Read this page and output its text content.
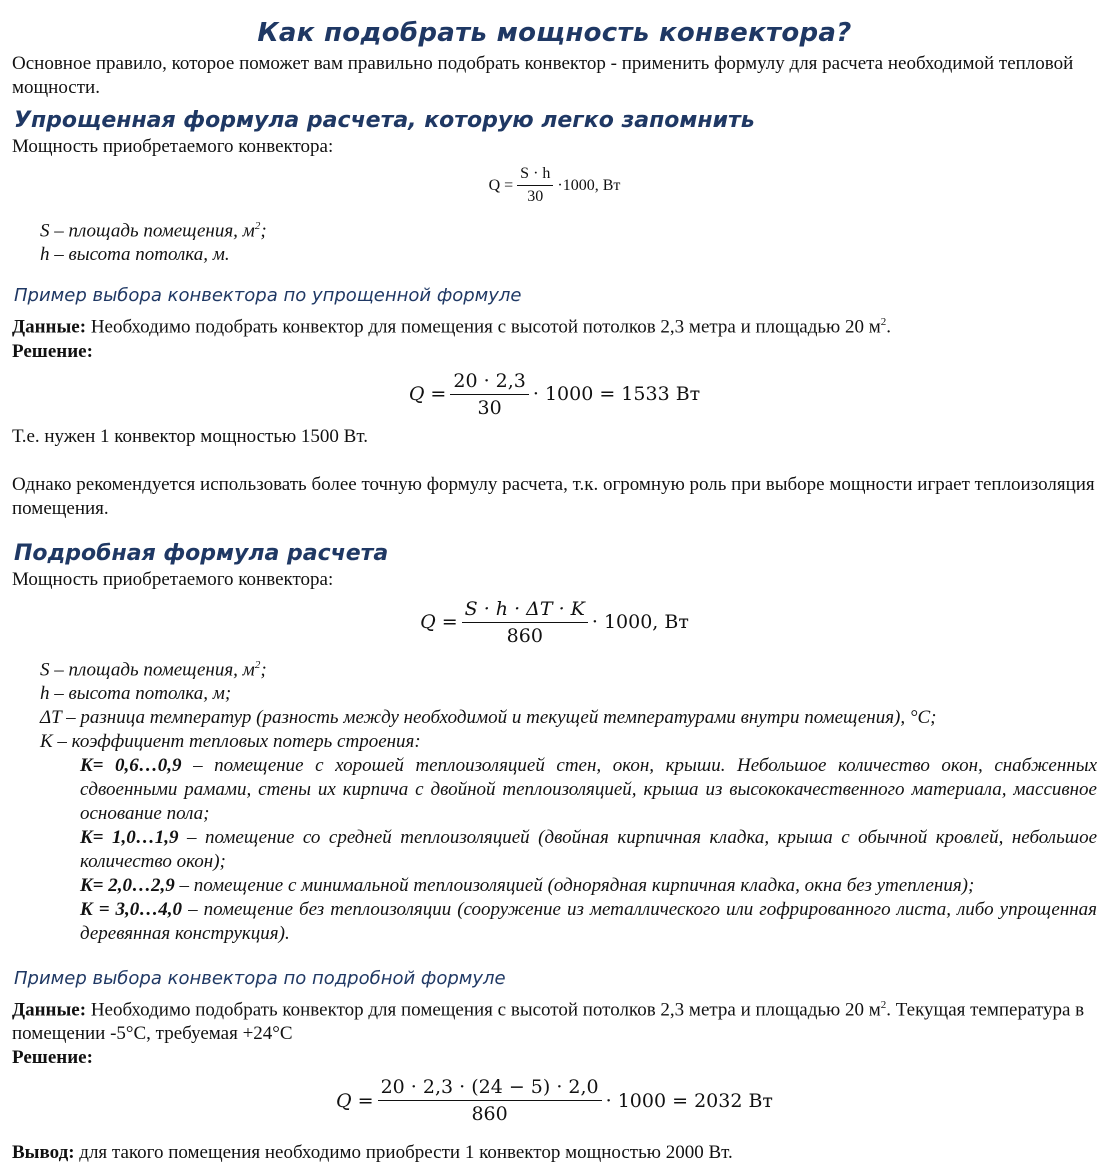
Как подобрать мощность конвектора?

Основное правило, которое поможет вам правильно подобрать конвектор - применить формулу для расчета необходимой тепловой мощности.

Упрощенная формула расчета, которую легко запомнить

Мощность приобретаемого конвектора:

$Q = \frac{S \cdot h}{30} \cdot 1000$, Вт

S – площадь помещения, $м^2$;

h – высота потолка, м.

Пример выбора конвектора по упрощенной формуле

Данные: Необходимо подобрать конвектор для помещения с высотой потолков 2,3 метра и площадью 20 $м^2$.

Решение:

$Q = \frac{20 \cdot 2,3}{30} \cdot 1000 = 1533$ Вт

Т.е. нужен 1 конвектор мощностью 1500 Вт.

Однако рекомендуется использовать более точную формулу расчета, т.к. огромную роль при выборе мощности играет теплоизоляция помещения.

Подробная формула расчета

Мощность приобретаемого конвектора:

$Q = \frac{S \cdot h \cdot \Delta T \cdot K}{860} \cdot 1000$, Вт

S – площадь помещения, $м^2$;

h – высота потолка, м;

ΔT – разница температур (разность между необходимой и текущей температурами внутри помещения), °C;

K – коэффициент тепловых потерь строения:

K= 0,6…0,9 – помещение с хорошей теплоизоляцией стен, окон, крыши. Небольшое количество окон, снабженных сдвоенными рамами, стены их кирпича с двойной теплоизоляцией, крыша из высококачественного материала, массивное основание пола;

K= 1,0…1,9 – помещение со средней теплоизоляцией (двойная кирпичная кладка, крыша с обычной кровлей, небольшое количество окон);

K= 2,0…2,9 – помещение с минимальной теплоизоляцией (однорядная кирпичная кладка, окна без утепления);

K = 3,0…4,0 – помещение без теплоизоляции (сооружение из металлического или гофрированного листа, либо упрощенная деревянная конструкция).

Пример выбора конвектора по подробной формуле

Данные: Необходимо подобрать конвектор для помещения с высотой потолков 2,3 метра и площадью 20 $м^2$. Текущая температура в помещении -5°С, требуемая +24°С

Решение:

$Q = \frac{20 \cdot 2,3 \cdot (24 - 5) \cdot 2,0}{860} \cdot 1000 = 2032$ Вт

Вывод: для такого помещения необходимо приобрести 1 конвектор мощностью 2000 Вт.
